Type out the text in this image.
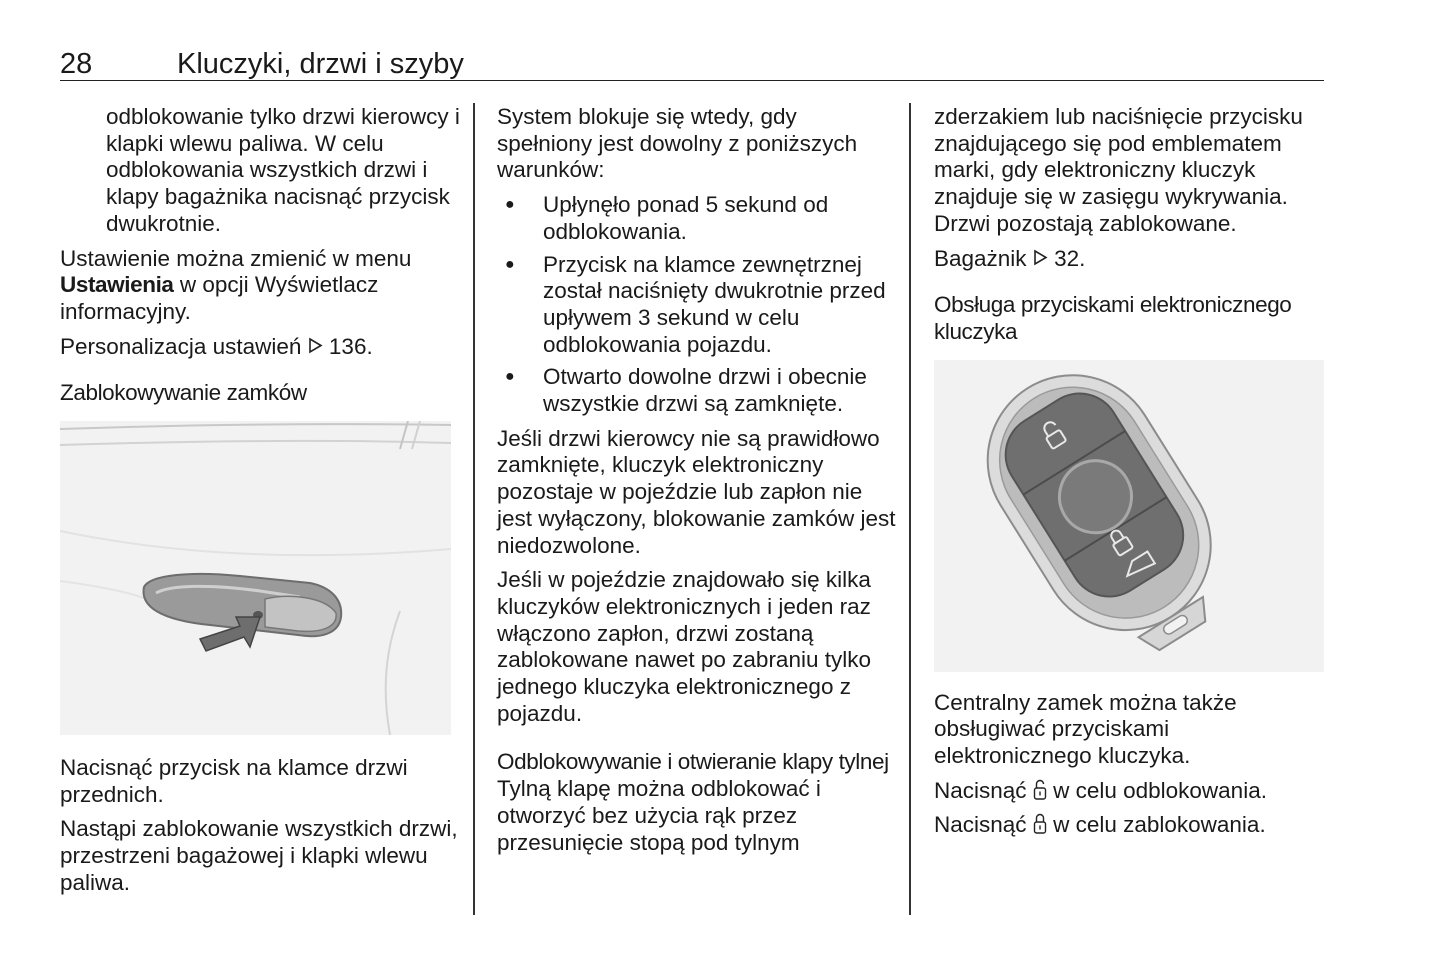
28	Kluczyki, drzwi i szyby

odblokowanie tylko drzwi kierowcy i klapki wlewu paliwa. W celu odblokowania wszystkich drzwi i klapy bagażnika nacisnąć przycisk dwukrotnie.

Ustawienie można zmienić w menu Ustawienia w opcji Wyświetlacz informacyjny.

Personalizacja ustawień 136.

Zablokowywanie zamków

Nacisnąć przycisk na klamce drzwi przednich.

Nastąpi zablokowanie wszystkich drzwi, przestrzeni bagażowej i klapki wlewu paliwa.

System blokuje się wtedy, gdy spełniony jest dowolny z poniższych warunków:

● Upłynęło ponad 5 sekund od odblokowania.
● Przycisk na klamce zewnętrznej został naciśnięty dwukrotnie przed upływem 3 sekund w celu odblokowania pojazdu.
● Otwarto dowolne drzwi i obecnie wszystkie drzwi są zamknięte.

Jeśli drzwi kierowcy nie są prawidłowo zamknięte, kluczyk elektroniczny pozostaje w pojeździe lub zapłon nie jest wyłączony, blokowanie zamków jest niedozwolone.

Jeśli w pojeździe znajdowało się kilka kluczyków elektronicznych i jeden raz włączono zapłon, drzwi zostaną zablokowane nawet po zabraniu tylko jednego kluczyka elektronicznego z pojazdu.

Odblokowywanie i otwieranie klapy tylnej

Tylną klapę można odblokować i otworzyć bez użycia rąk przez przesunięcie stopą pod tylnym

zderzakiem lub naciśnięcie przycisku znajdującego się pod emblematem marki, gdy elektroniczny kluczyk znajduje się w zasięgu wykrywania. Drzwi pozostają zablokowane.

Bagażnik 32.

Obsługa przyciskami elektronicznego kluczyka

Centralny zamek można także obsługiwać przyciskami elektronicznego kluczyka.

Nacisnąć w celu odblokowania.

Nacisnąć w celu zablokowania.
